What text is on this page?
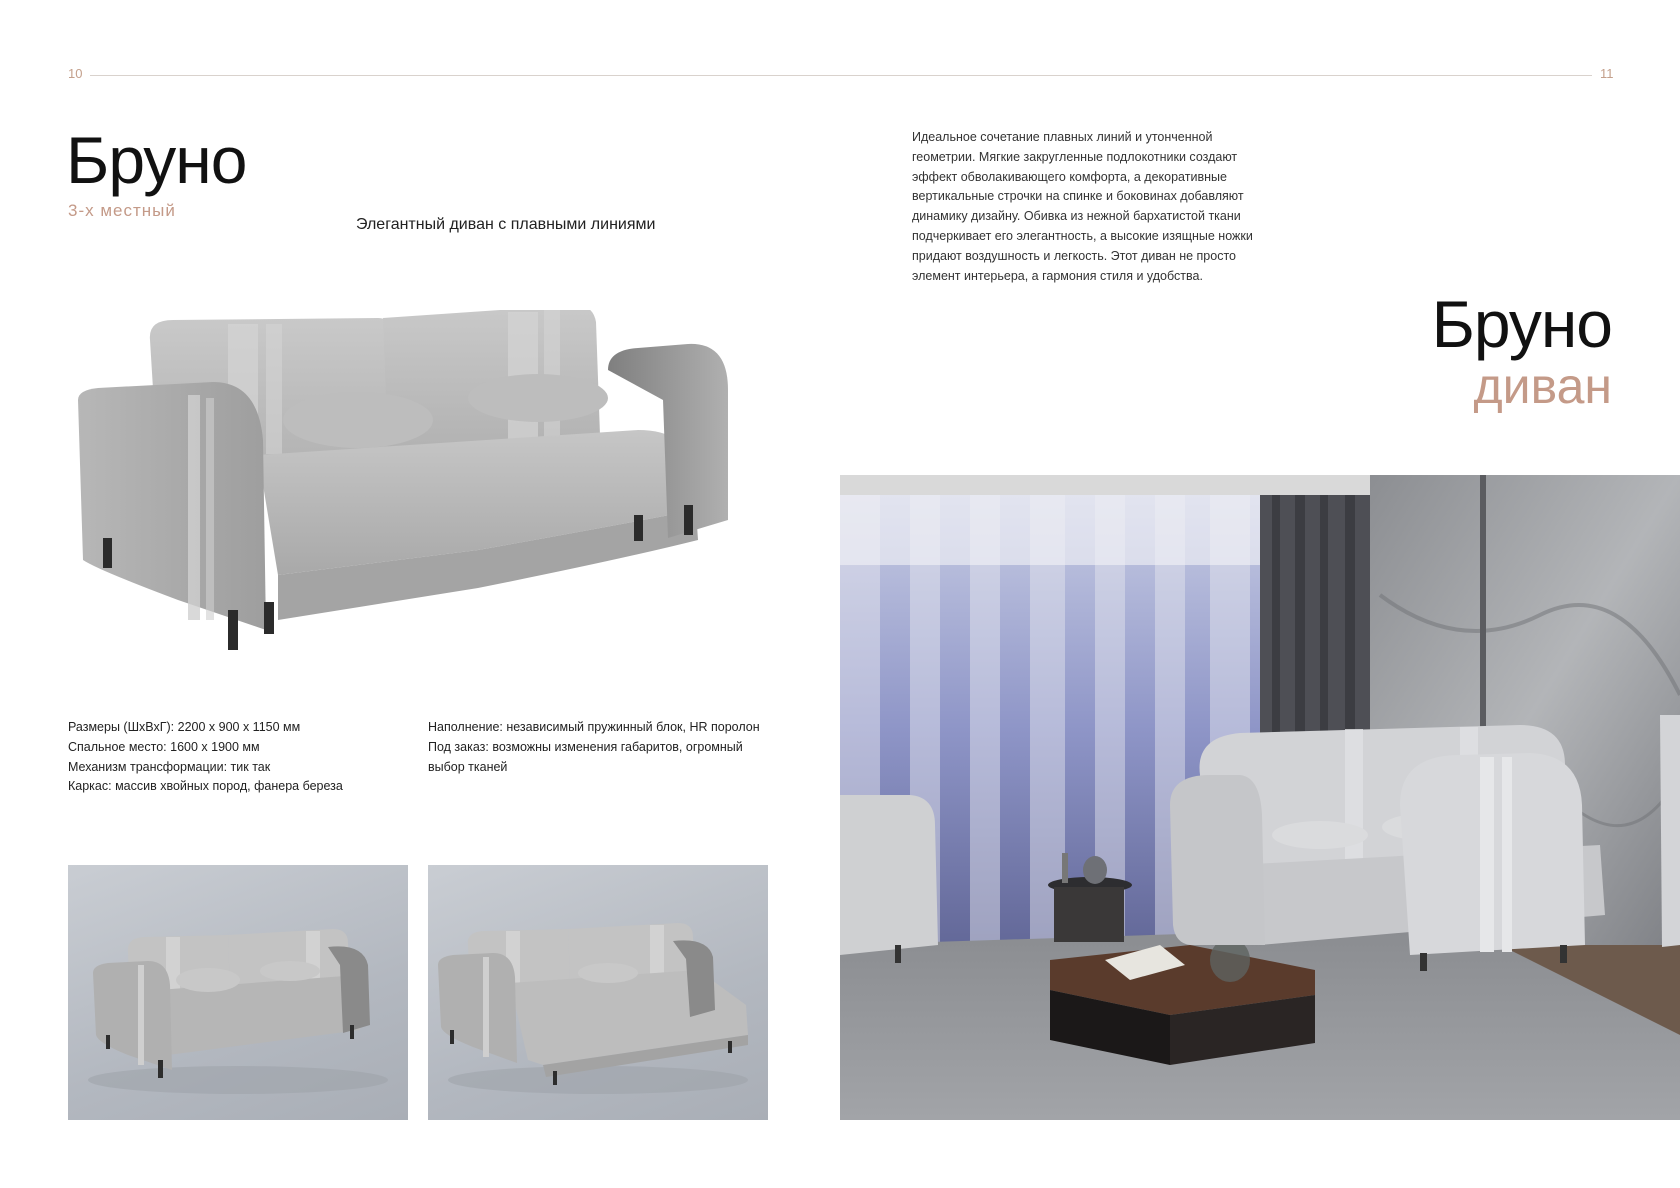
10	11
Бруно
3-х местный
Элегантный диван с плавными линиями
Размеры (ШхВхГ): 2200 x 900 x 1150 мм
Спальное место: 1600 x 1900 мм
Механизм трансформации: тик так
Каркас: массив хвойных пород, фанера береза
Наполнение: независимый пружинный блок, HR поролон
Под заказ: возможны изменения габаритов, огромный выбор тканей
Идеальное сочетание плавных линий и утонченной геометрии. Мягкие закругленные подлокотники создают эффект обволакивающего комфорта, а декоративные вертикальные строчки на спинке и боковинах добавляют динамику дизайну. Обивка из нежной бархатистой ткани подчеркивает его элегантность, а высокие изящные ножки придают воздушность и легкость. Этот диван не просто элемент интерьера, а гармония стиля и удобства.
Бруно
диван
